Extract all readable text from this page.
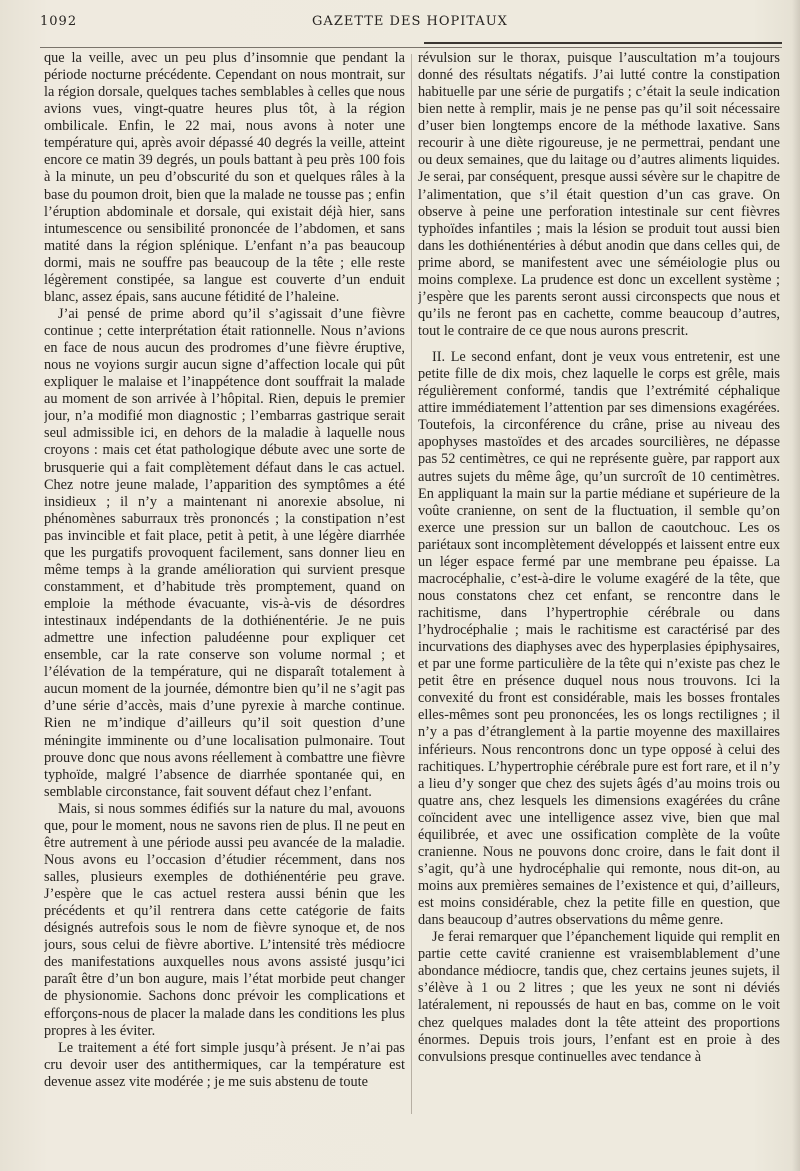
1092	GAZETTE DES HOPITAUX

que la veille, avec un peu plus d’insomnie que pendant la période nocturne précédente. Cependant on nous montrait, sur la région dorsale, quelques taches semblables à celles que nous avions vues, vingt-quatre heures plus tôt, à la région ombilicale. Enfin, le 22 mai, nous avons à noter une température qui, après avoir dépassé 40 degrés la veille, atteint encore ce matin 39 degrés, un pouls battant à peu près 100 fois à la minute, un peu d’obscurité du son et quelques râles à la base du poumon droit, bien que la malade ne tousse pas ; enfin l’éruption abdominale et dorsale, qui existait déjà hier, sans intumescence ou sensibilité prononcée de l’abdomen, et sans matité dans la région splénique. L’enfant n’a pas beaucoup dormi, mais ne souffre pas beaucoup de la tête ; elle reste légèrement constipée, sa langue est couverte d’un enduit blanc, assez épais, sans aucune fétidité de l’haleine.

J’ai pensé de prime abord qu’il s’agissait d’une fièvre continue ; cette interprétation était rationnelle. Nous n’avions en face de nous aucun des prodromes d’une fièvre éruptive, nous ne voyions surgir aucun signe d’affection locale qui pût expliquer le malaise et l’inappétence dont souffrait la malade au moment de son arrivée à l’hôpital. Rien, depuis le premier jour, n’a modifié mon diagnostic ; l’embarras gastrique serait seul admissible ici, en dehors de la maladie à laquelle nous croyons : mais cet état pathologique débute avec une sorte de brusquerie qui a fait complètement défaut dans le cas actuel. Chez notre jeune malade, l’apparition des symptômes a été insidieux ; il n’y a maintenant ni anorexie absolue, ni phénomènes saburraux très prononcés ; la constipation n’est pas invincible et fait place, petit à petit, à une légère diarrhée que les purgatifs provoquent facilement, sans donner lieu en même temps à la grande amélioration qui survient presque constamment, et d’habitude très promptement, quand on emploie la méthode évacuante, vis-à-vis de désordres intestinaux indépendants de la dothiénentérie. Je ne puis admettre une infection paludéenne pour expliquer cet ensemble, car la rate conserve son volume normal ; et l’élévation de la température, qui ne disparaît totalement à aucun moment de la journée, démontre bien qu’il ne s’agit pas d’une série d’accès, mais d’une pyrexie à marche continue. Rien ne m’indique d’ailleurs qu’il soit question d’une méningite imminente ou d’une localisation pulmonaire. Tout prouve donc que nous avons réellement à combattre une fièvre typhoïde, malgré l’absence de diarrhée spontanée qui, en semblable circonstance, fait souvent défaut chez l’enfant.

Mais, si nous sommes édifiés sur la nature du mal, avouons que, pour le moment, nous ne savons rien de plus. Il ne peut en être autrement à une période aussi peu avancée de la maladie. Nous avons eu l’occasion d’étudier récemment, dans nos salles, plusieurs exemples de dothiénentérie peu grave. J’espère que le cas actuel restera aussi bénin que les précédents et qu’il rentrera dans cette catégorie de faits désignés autrefois sous le nom de fièvre synoque et, de nos jours, sous celui de fièvre abortive. L’intensité très médiocre des manifestations auxquelles nous avons assisté jusqu’ici paraît être d’un bon augure, mais l’état morbide peut changer de physionomie. Sachons donc prévoir les complications et efforçons-nous de placer la malade dans les conditions les plus propres à les éviter.

Le traitement a été fort simple jusqu’à présent. Je n’ai pas cru devoir user des antithermiques, car la température est devenue assez vite modérée ; je me suis abstenu de toute

révulsion sur le thorax, puisque l’auscultation m’a toujours donné des résultats négatifs. J’ai lutté contre la constipation habituelle par une série de purgatifs ; c’était la seule indication bien nette à remplir, mais je ne pense pas qu’il soit nécessaire d’user bien longtemps encore de la méthode laxative. Sans recourir à une diète rigoureuse, je ne permettrai, pendant une ou deux semaines, que du laitage ou d’autres aliments liquides. Je serai, par conséquent, presque aussi sévère sur le chapitre de l’alimentation, que s’il était question d’un cas grave. On observe à peine une perforation intestinale sur cent fièvres typhoïdes infantiles ; mais la lésion se produit tout aussi bien dans les dothiénentéries à début anodin que dans celles qui, de prime abord, se manifestent avec une séméiologie plus ou moins complexe. La prudence est donc un excellent système ; j’espère que les parents seront aussi circonspects que nous et qu’ils ne feront pas en cachette, comme beaucoup d’autres, tout le contraire de ce que nous aurons prescrit.

II. Le second enfant, dont je veux vous entretenir, est une petite fille de dix mois, chez laquelle le corps est grêle, mais régulièrement conformé, tandis que l’extrémité céphalique attire immédiatement l’attention par ses dimensions exagérées. Toutefois, la circonférence du crâne, prise au niveau des apophyses mastoïdes et des arcades sourcilières, ne dépasse pas 52 centimètres, ce qui ne représente guère, par rapport aux autres sujets du même âge, qu’un surcroît de 10 centimètres. En appliquant la main sur la partie médiane et supérieure de la voûte cranienne, on sent de la fluctuation, il semble qu’on exerce une pression sur un ballon de caoutchouc. Les os pariétaux sont incomplètement développés et laissent entre eux un léger espace fermé par une membrane peu épaisse. La macrocéphalie, c’est-à-dire le volume exagéré de la tête, que nous constatons chez cet enfant, se rencontre dans le rachitisme, dans l’hypertrophie cérébrale ou dans l’hydrocéphalie ; mais le rachitisme est caractérisé par des incurvations des diaphyses avec des hyperplasies épiphysaires, et par une forme particulière de la tête qui n’existe pas chez le petit être en présence duquel nous nous trouvons. Ici la convexité du front est considérable, mais les bosses frontales elles-mêmes sont peu prononcées, les os longs rectilignes ; il n’y a pas d’étranglement à la partie moyenne des maxillaires inférieurs. Nous rencontrons donc un type opposé à celui des rachitiques. L’hypertrophie cérébrale pure est fort rare, et il n’y a lieu d’y songer que chez des sujets âgés d’au moins trois ou quatre ans, chez lesquels les dimensions exagérées du crâne coïncident avec une intelligence assez vive, bien que mal équilibrée, et avec une ossification complète de la voûte cranienne. Nous ne pouvons donc croire, dans le fait dont il s’agit, qu’à une hydrocéphalie qui remonte, nous dit-on, au moins aux premières semaines de l’existence et qui, d’ailleurs, est moins considérable, chez la petite fille en question, que dans beaucoup d’autres observations du même genre.

Je ferai remarquer que l’épanchement liquide qui remplit en partie cette cavité cranienne est vraisemblablement d’une abondance médiocre, tandis que, chez certains jeunes sujets, il s’élève à 1 ou 2 litres ; que les yeux ne sont ni déviés latéralement, ni repoussés de haut en bas, comme on le voit chez quelques malades dont la tête atteint des proportions énormes. Depuis trois jours, l’enfant est en proie à des convulsions presque continuelles avec tendance à
